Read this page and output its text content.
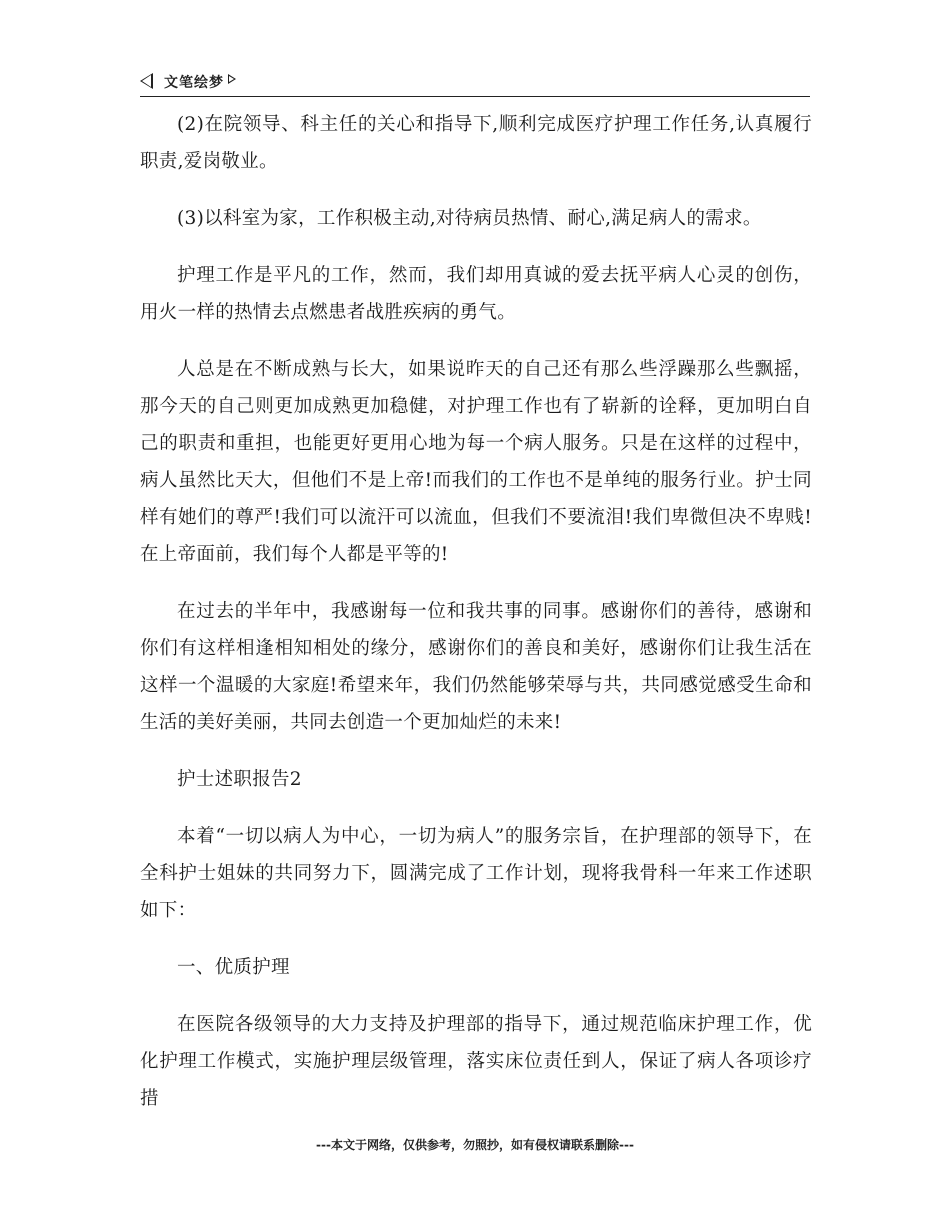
文笔绘梦

(2)在院领导、科主任的关心和指导下,顺利完成医疗护理工作任务,认真履行职责,爱岗敬业。

(3)以科室为家，工作积极主动,对待病员热情、耐心,满足病人的需求。

护理工作是平凡的工作，然而，我们却用真诚的爱去抚平病人心灵的创伤，用火一样的热情去点燃患者战胜疾病的勇气。

人总是在不断成熟与长大，如果说昨天的自己还有那么些浮躁那么些飘摇，那今天的自己则更加成熟更加稳健，对护理工作也有了崭新的诠释，更加明白自己的职责和重担，也能更好更用心地为每一个病人服务。只是在这样的过程中，病人虽然比天大，但他们不是上帝!而我们的工作也不是单纯的服务行业。护士同样有她们的尊严!我们可以流汗可以流血，但我们不要流泪!我们卑微但决不卑贱!在上帝面前，我们每个人都是平等的!

在过去的半年中，我感谢每一位和我共事的同事。感谢你们的善待，感谢和你们有这样相逢相知相处的缘分，感谢你们的善良和美好，感谢你们让我生活在这样一个温暖的大家庭!希望来年，我们仍然能够荣辱与共，共同感觉感受生命和生活的美好美丽，共同去创造一个更加灿烂的未来!

护士述职报告2

本着“一切以病人为中心，一切为病人”的服务宗旨，在护理部的领导下，在全科护士姐妹的共同努力下，圆满完成了工作计划，现将我骨科一年来工作述职如下：

一、优质护理

在医院各级领导的大力支持及护理部的指导下，通过规范临床护理工作，优化护理工作模式，实施护理层级管理，落实床位责任到人，保证了病人各项诊疗措

---本文于网络，仅供参考，勿照抄，如有侵权请联系删除---
